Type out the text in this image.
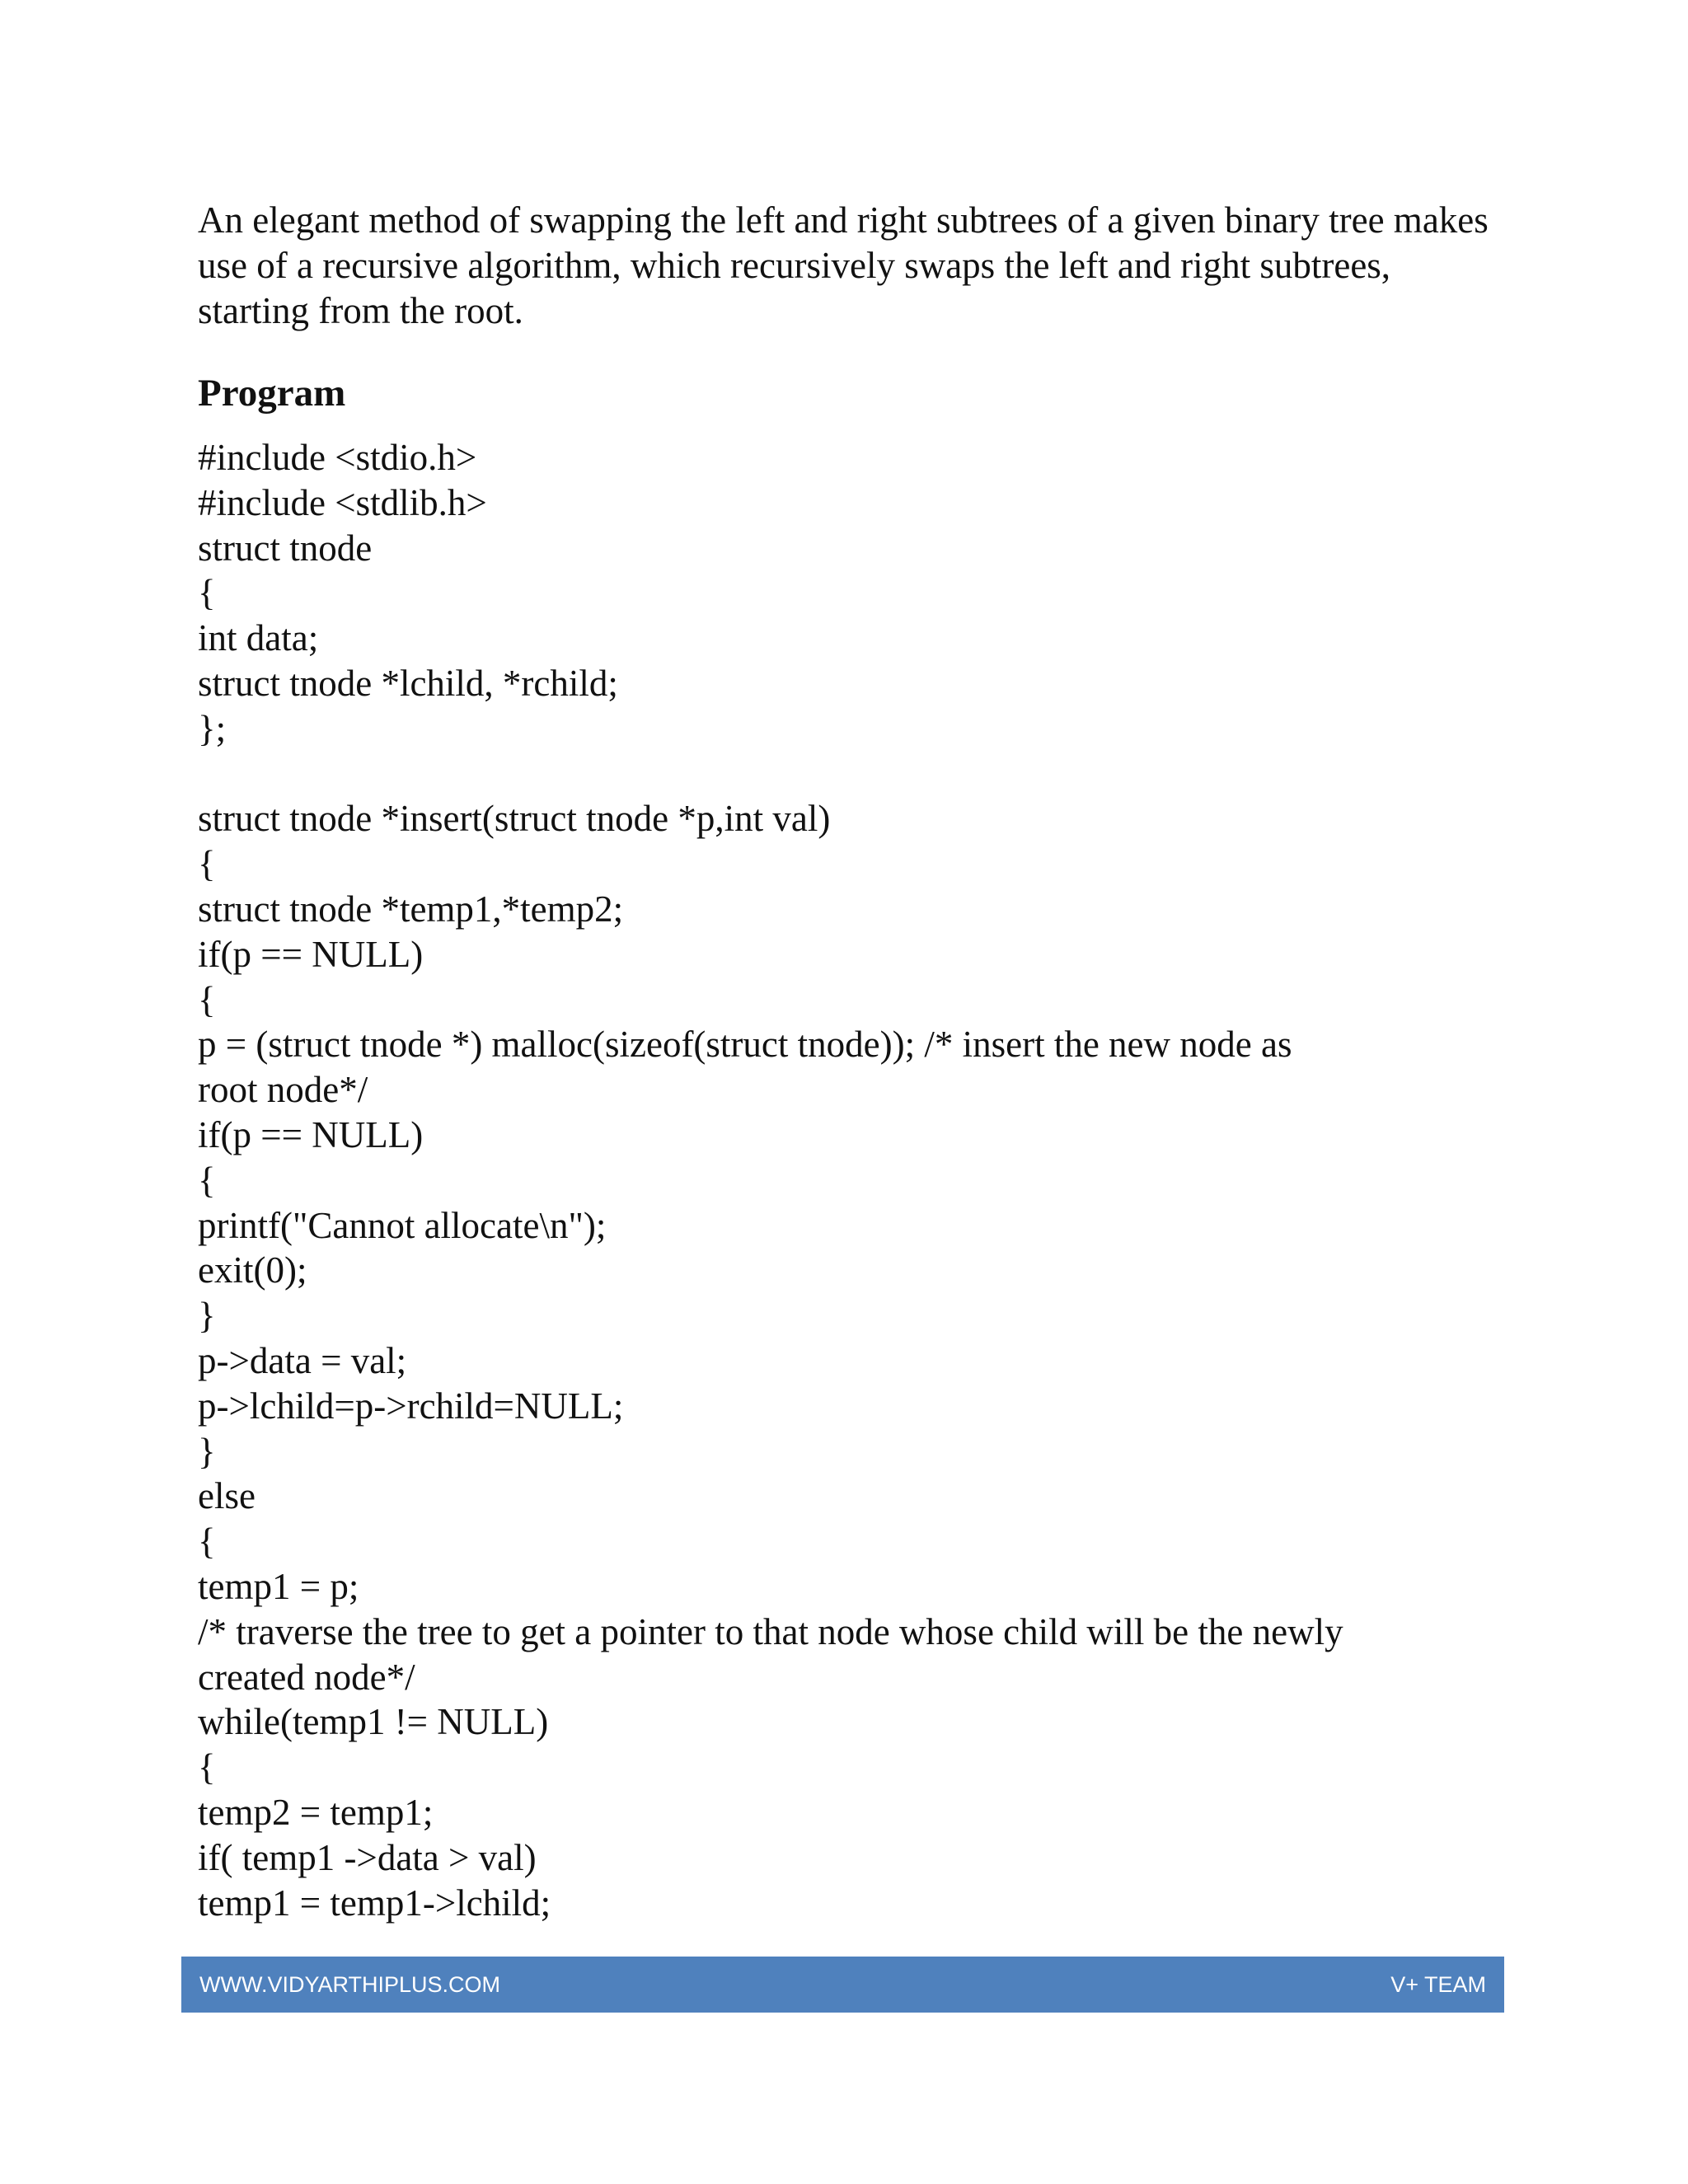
An elegant method of swapping the left and right subtrees of a given binary tree makes use of a recursive algorithm, which recursively swaps the left and right subtrees, starting from the root.

Program
#include <stdio.h>
#include <stdlib.h>
struct tnode
{
int data;
struct tnode *lchild, *rchild;
};
struct tnode *insert(struct tnode *p,int val)
{
struct tnode *temp1,*temp2;
if(p == NULL)
{
p = (struct tnode *) malloc(sizeof(struct tnode)); /* insert the new node as
root node*/
if(p == NULL)
{
printf("Cannot allocate\n");
exit(0);
}
p->data = val;
p->lchild=p->rchild=NULL;
}
else
{
temp1 = p;
/* traverse the tree to get a pointer to that node whose child will be the newly
created node*/
while(temp1 != NULL)
{
temp2 = temp1;
if( temp1 ->data > val)
temp1 = temp1->lchild;
WWW.VIDYARTHIPLUS.COM	V+ TEAM
